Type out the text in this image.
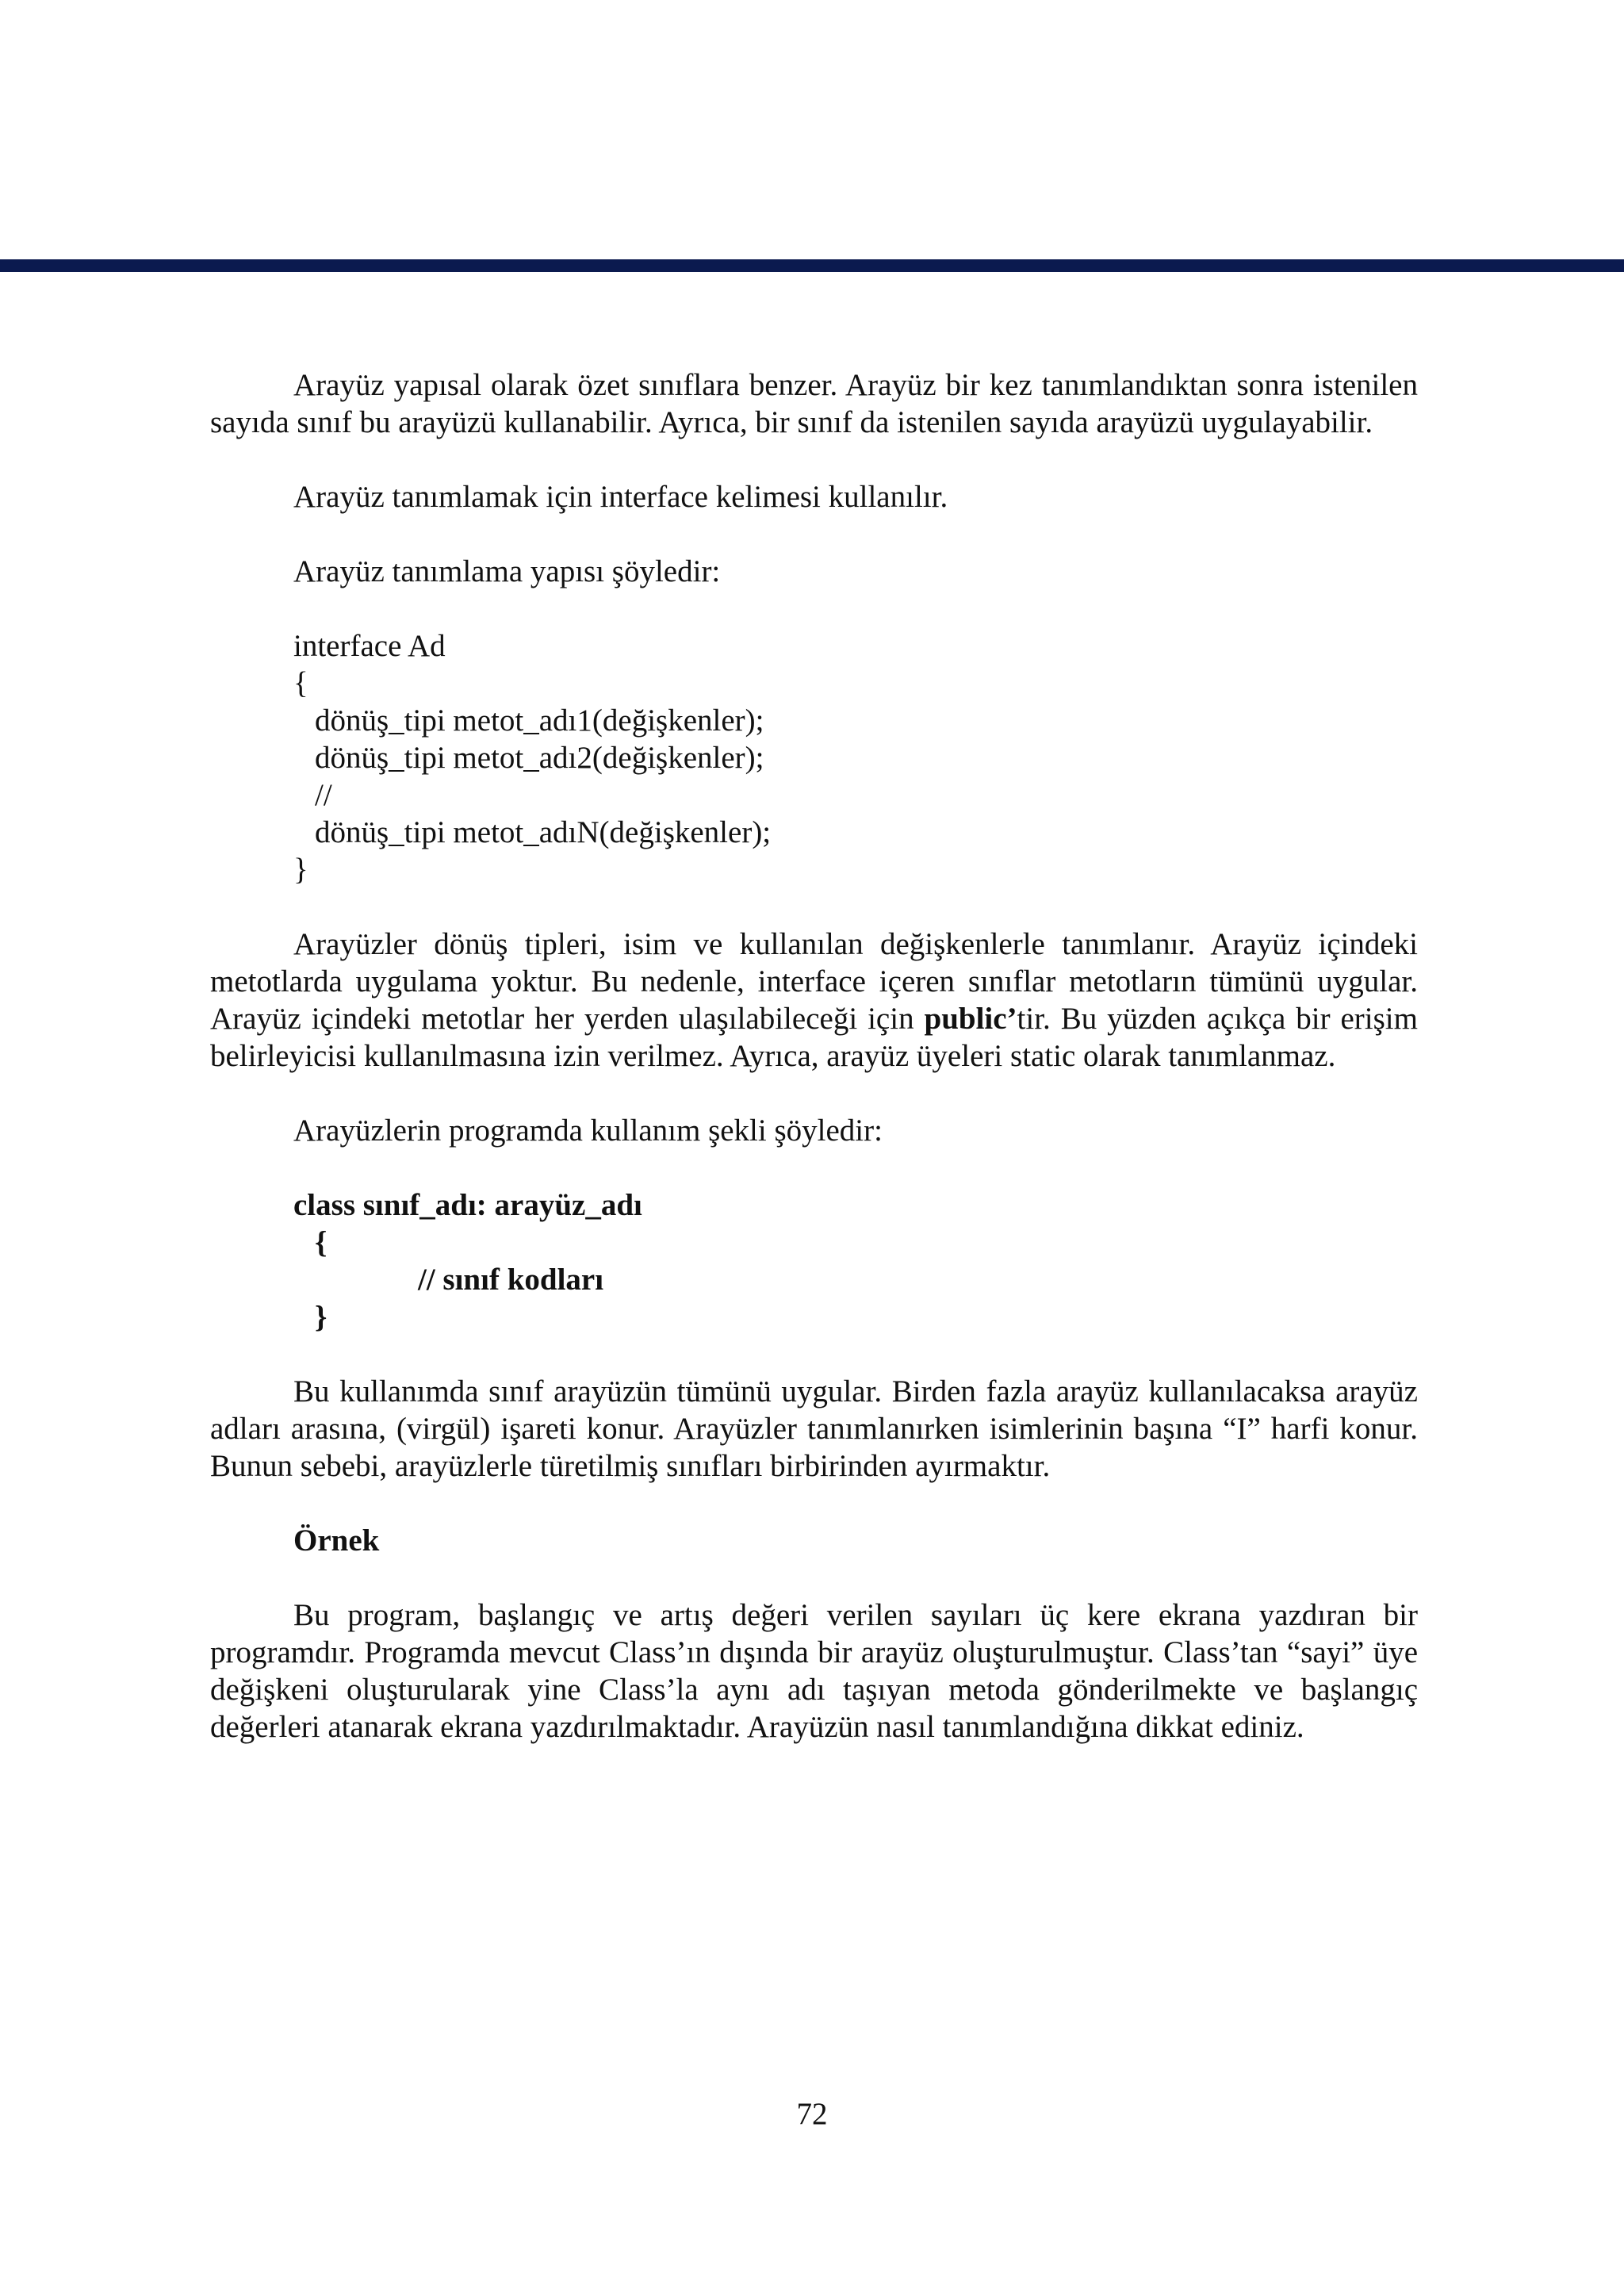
Arayüz yapısal olarak özet sınıflara benzer. Arayüz bir kez tanımlandıktan sonra istenilen sayıda sınıf bu arayüzü kullanabilir. Ayrıca, bir sınıf da istenilen sayıda arayüzü uygulayabilir.

Arayüz tanımlamak için interface kelimesi kullanılır.

Arayüz tanımlama yapısı şöyledir:

interface Ad
{
dönüş_tipi metot_adı1(değişkenler);
dönüş_tipi metot_adı2(değişkenler);
//
dönüş_tipi metot_adıN(değişkenler);
}

Arayüzler dönüş tipleri, isim ve kullanılan değişkenlerle tanımlanır. Arayüz içindeki metotlarda uygulama yoktur. Bu nedenle, interface içeren sınıflar metotların tümünü uygular. Arayüz içindeki metotlar her yerden ulaşılabileceği için public’tir. Bu yüzden açıkça bir erişim belirleyicisi kullanılmasına izin verilmez. Ayrıca, arayüz üyeleri static olarak tanımlanmaz.

Arayüzlerin programda kullanım şekli şöyledir:

class sınıf_adı: arayüz_adı
{
// sınıf kodları
}

Bu kullanımda sınıf arayüzün tümünü uygular. Birden fazla arayüz kullanılacaksa arayüz adları arasına, (virgül) işareti konur. Arayüzler tanımlanırken isimlerinin başına “I” harfi konur. Bunun sebebi, arayüzlerle türetilmiş sınıfları birbirinden ayırmaktır.

Örnek

Bu program, başlangıç ve artış değeri verilen sayıları üç kere ekrana yazdıran bir programdır. Programda mevcut Class’ın dışında bir arayüz oluşturulmuştur. Class’tan “sayi” üye değişkeni oluşturularak yine Class’la aynı adı taşıyan metoda gönderilmekte ve başlangıç değerleri atanarak ekrana yazdırılmaktadır. Arayüzün nasıl tanımlandığına dikkat ediniz.

72
